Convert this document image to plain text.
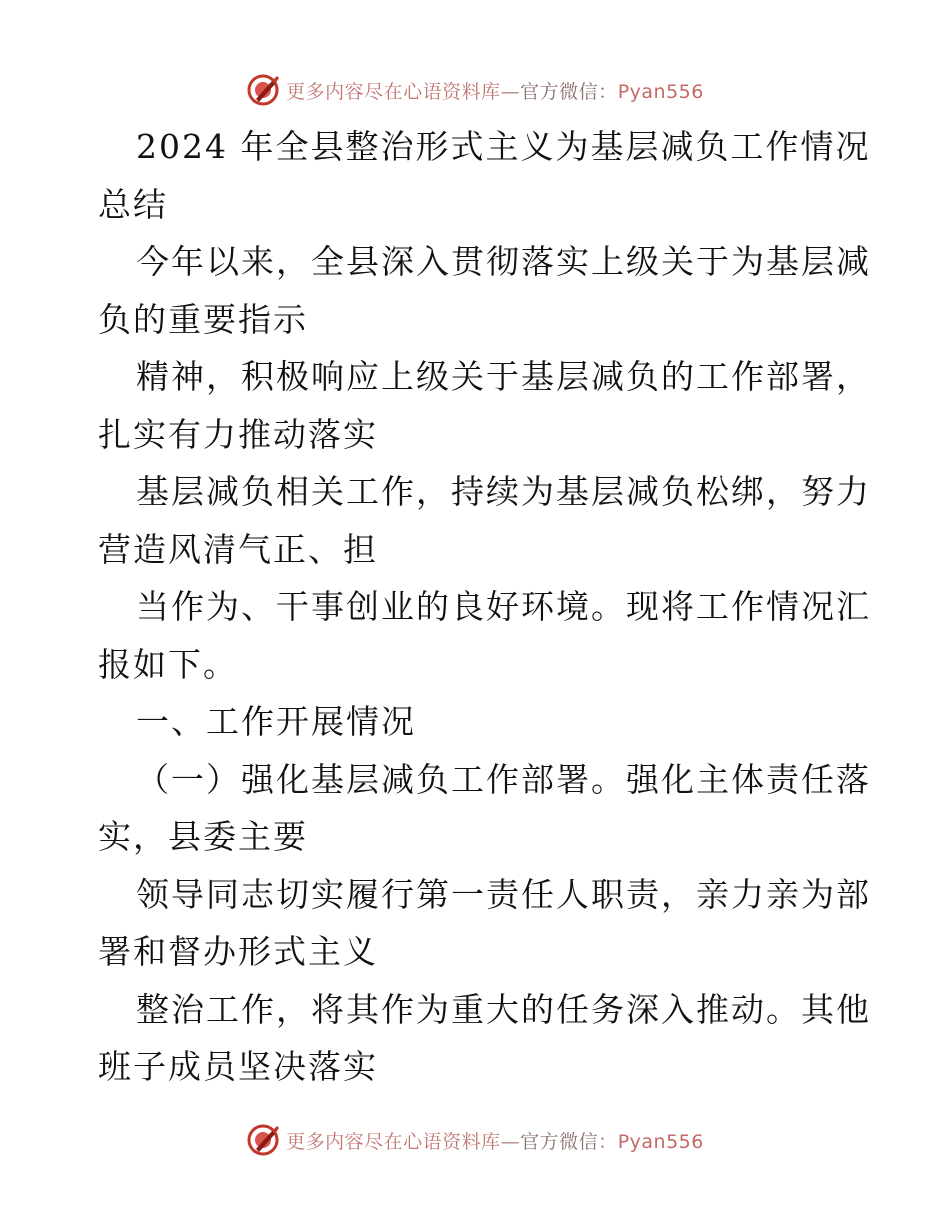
更多内容尽在心语资料库—官方微信：Pyan556
2024 年全县整治形式主义为基层减负工作情况
总结
今年以来，全县深入贯彻落实上级关于为基层减
负的重要指示
精神，积极响应上级关于基层减负的工作部署，
扎实有力推动落实
基层减负相关工作，持续为基层减负松绑，努力
营造风清气正、担
当作为、干事创业的良好环境。现将工作情况汇
报如下。
一、工作开展情况
（一）强化基层减负工作部署。强化主体责任落
实，县委主要
领导同志切实履行第一责任人职责，亲力亲为部
署和督办形式主义
整治工作，将其作为重大的任务深入推动。其他
班子成员坚决落实
更多内容尽在心语资料库—官方微信：Pyan556
